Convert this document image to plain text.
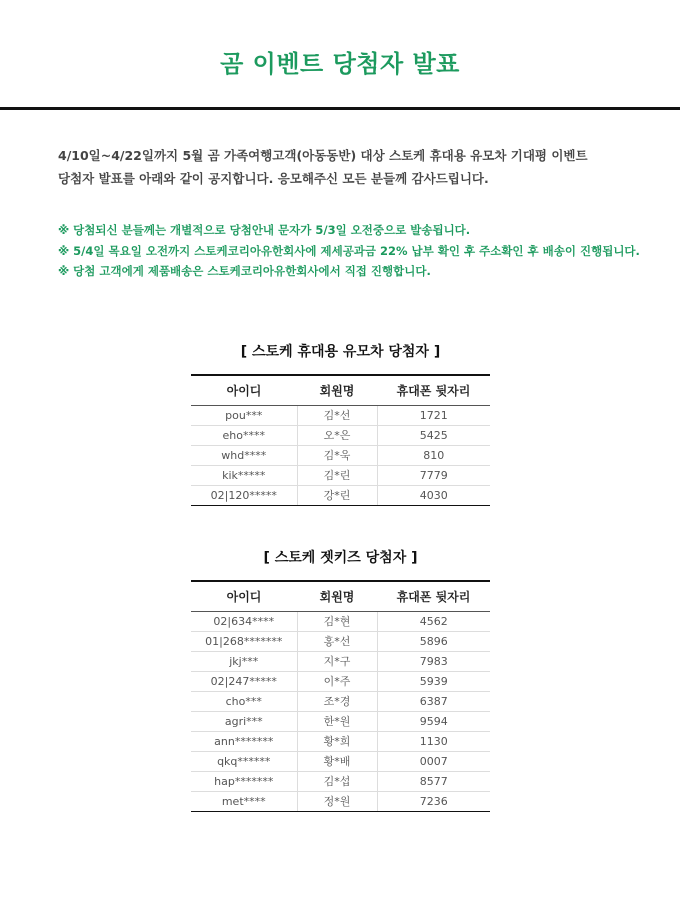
곰 이벤트 당첨자 발표
4/10일~4/22일까지 5월 곰 가족여행고객(아동동반) 대상 스토케 휴대용 유모차 기대평 이벤트
당첨자 발표를 아래와 같이 공지합니다. 응모해주신 모든 분들께 감사드립니다.
※ 당첨되신 분들께는 개별적으로 당첨안내 문자가 5/3일 오전중으로 발송됩니다.
※ 5/4일 목요일 오전까지 스토케코리아유한회사에 제세공과금 22% 납부 확인 후 주소확인 후 배송이 진행됩니다.
※ 당첨 고객에게 제품배송은 스토케코리아유한회사에서 직접 진행합니다.
[ 스토케 휴대용 유모차 당첨자 ]
아이디	회원명	휴대폰 뒷자리
pou***	김*선	1721
eho****	오*은	5425
whd****	김*욱	810
kik*****	김*린	7779
02|120*****	강*린	4030
[ 스토케 젯키즈 당첨자 ]
아이디	회원명	휴대폰 뒷자리
02|634****	김*현	4562
01|268*******	홍*선	5896
jkj***	지*구	7983
02|247*****	이*주	5939
cho***	조*경	6387
agri***	한*원	9594
ann*******	황*희	1130
qkq******	황*배	0007
hap*******	김*섭	8577
met****	정*원	7236
